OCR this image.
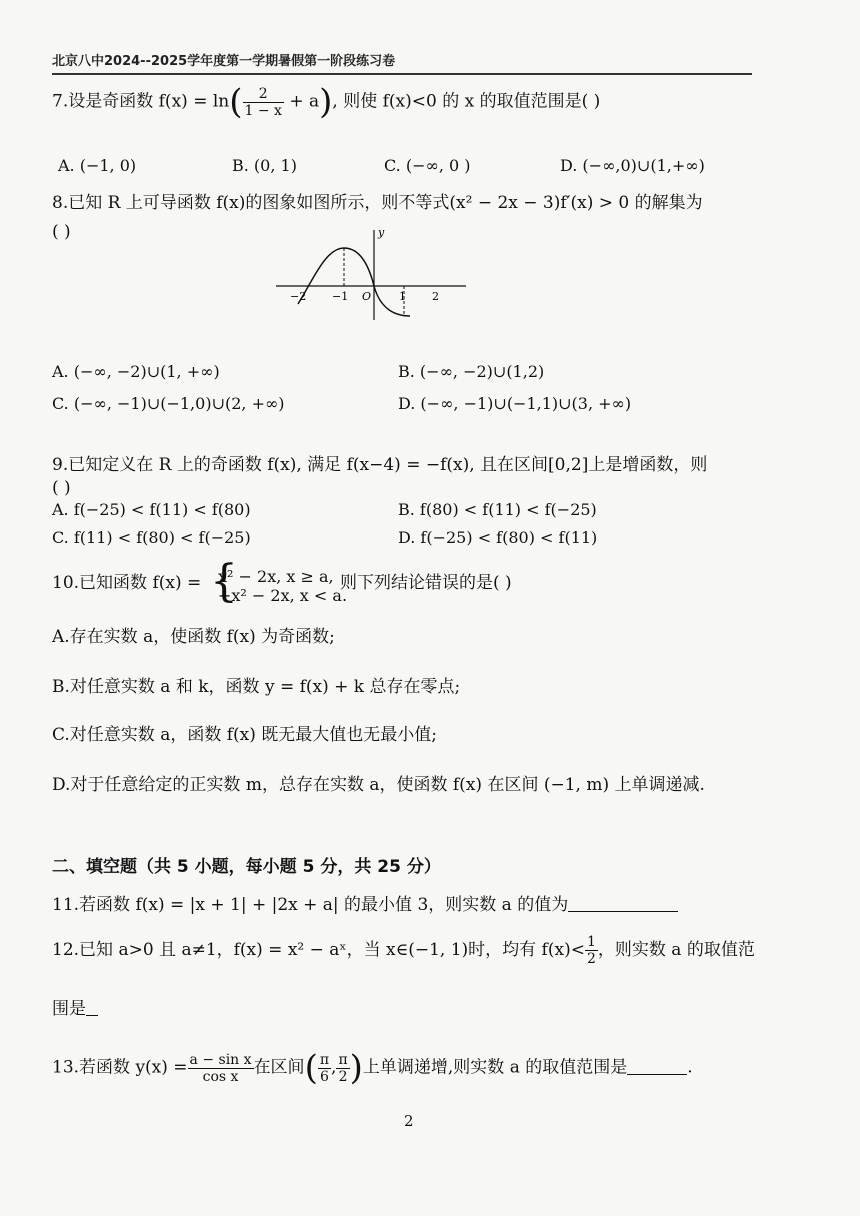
北京八中2024--2025学年度第一学期暑假第一阶段练习卷
7.设是奇函数 $f(x) = \ln( \frac{2}{1 - x} + a)$, 则使 f(x)<0 的 x 的取值范围是( )
A. (−1, 0)	B. (0, 1)	C. (−∞, 0 )	D. (−∞,0)∪(1,+∞)
8.已知 R 上可导函数 f(x)的图象如图所示，则不等式(x² − 2x − 3)f′(x) > 0 的解集为
( )	y
−2 −1 O	1 2
A. (−∞, −2)∪(1, +∞)	B. (−∞, −2)∪(1,2)
C. (−∞, −1)∪(−1,0)∪(2, +∞)	D. (−∞, −1)∪(−1,1)∪(3, +∞)
9.已知定义在 R 上的奇函数 f(x), 满足 f(x−4) = −f(x), 且在区间[0,2]上是增函数，则
( )
A. f(−25) < f(11) < f(80)	B. f(80) < f(11) < f(−25)
C. f(11) < f(80) < f(−25)	D. f(−25) < f(80) < f(11)
10.已知函数 f(x) = {
x² − 2x, x ≥ a,
−x² − 2x, x < a.
则下列结论错误的是( )
A.存在实数 a，使函数 f(x) 为奇函数;
B.对任意实数 a 和 k，函数 y = f(x) + k 总存在零点;
C.对任意实数 a，函数 f(x) 既无最大值也无最小值;
D.对于任意给定的正实数 m，总存在实数 a，使函数 f(x) 在区间 (−1, m) 上单调递减.
二、填空题（共 5 小题，每小题 5 分，共 25 分）
11.若函数 f(x) = |x + 1| + |2x + a| 的最小值 3，则实数 a 的值为
12.已知 a>0 且 a≠1，f(x) = x² − aˣ，当 x∈(−1, 1)时，均有 $f(x)< \frac{1}{2}$ ，则实数 a 的取值范
围是
13.若函数 $y(x) = \frac{\text{a − sin x}}{\text{cos x}}$ 在区间( $\frac{\pi}{6}$ , $\frac{\pi}{2}$ )上单调递增,则实数 a 的取值范围是	.
2
